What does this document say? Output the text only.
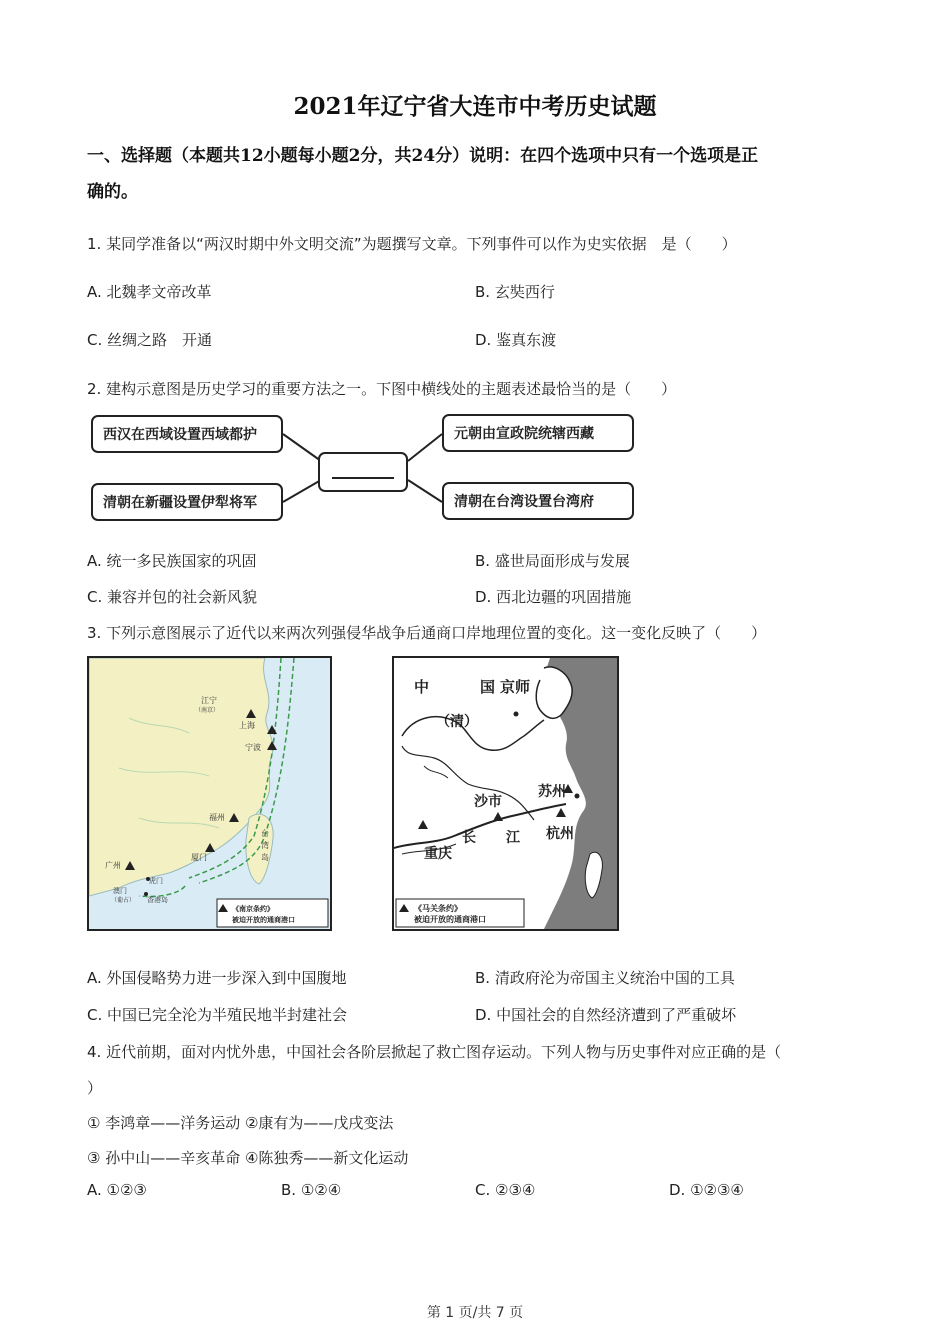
2021年辽宁省大连市中考历史试题
一、选择题（本题共12小题每小题2分，共24分）说明：在四个选项中只有一个选项是正
确的。
1. 某同学准备以“两汉时期中外文明交流”为题撰写文章。下列事件可以作为史实依据　是（　　）
A. 北魏孝文帝改革	B. 玄奘西行
C. 丝绸之路　开通	D. 鉴真东渡
2. 建构示意图是历史学习的重要方法之一。下图中横线处的主题表述最恰当的是（　　）
西汉在西域设置西域都护	元朝由宣政院统辖西藏
清朝在新疆设置伊犁将军	清朝在台湾设置台湾府
A. 统一多民族国家的巩固	B. 盛世局面形成与发展
C. 兼容并包的社会新风貌	D. 西北边疆的巩固措施
3. 下列示意图展示了近代以来两次列强侵华战争后通商口岸地理位置的变化。这一变化反映了（　　）
江宁
（南京）
上海
宁波
福州
厦门
广州
虎门
澳门
（葡占） 香港岛
台
湾
岛
《南京条约》
被迫开放的通商港口
中	国 京师
（清）
苏州
沙市
长 江 杭州
重庆
《马关条约》
被迫开放的通商港口
A. 外国侵略势力进一步深入到中国腹地	B. 清政府沦为帝国主义统治中国的工具
C. 中国已完全沦为半殖民地半封建社会	D. 中国社会的自然经济遭到了严重破坏
4. 近代前期，面对内忧外患，中国社会各阶层掀起了救亡图存运动。下列人物与历史事件对应正确的是（
）
① 李鸿章——洋务运动 ②康有为——戊戌变法
③ 孙中山——辛亥革命 ④陈独秀——新文化运动
A. ①②③	B. ①②④	C. ②③④	D. ①②③④
第 1 页/共 7 页
